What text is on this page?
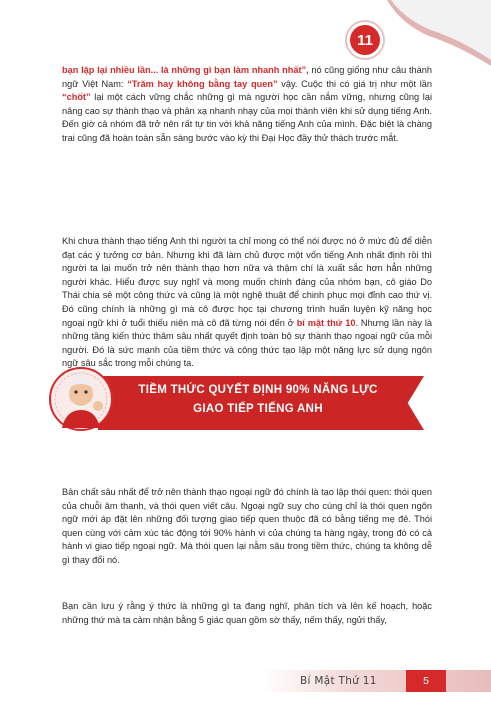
11

bạn lặp lại nhiều lần... là những gì bạn làm nhanh nhất”, nó cũng giống như câu thành ngữ Việt Nam: “Trăm hay không bằng tay quen” vậy. Cuộc thi có giá trị như một lần “chốt” lại một cách vững chắc những gì mà người học cần nắm vững, nhưng cũng lại nâng cao sự thành thạo và phản xạ nhanh nhạy của mọi thành viên khi sử dụng tiếng Anh. Đến giờ cả nhóm đã trở nên rất tự tin với khả năng tiếng Anh của mình. Đặc biệt là chàng trai cũng đã hoàn toàn sẵn sàng bước vào kỳ thi Đại Học đầy thử thách trước mắt.

Khi chưa thành thạo tiếng Anh thì người ta chỉ mong có thể nói được nó ở mức đủ để diễn đạt các ý tưởng cơ bản. Nhưng khi đã làm chủ được một vốn tiếng Anh nhất định rồi thì người ta lại muốn trở nên thành thạo hơn nữa và thậm chí là xuất sắc hơn hẳn những người khác. Hiểu được suy nghĩ và mong muốn chính đáng của nhóm bạn, cô giáo Do Thái chia sẻ một công thức và cũng là một nghệ thuật để chinh phục mọi đỉnh cao thứ vị. Đó cũng chính là những gì mà cô được học tại chương trình huấn luyện kỹ năng học ngoại ngữ khi ở tuổi thiếu niên mà cô đã từng nói đến ở bí mật thứ 10. Nhưng lần này là những tầng kiến thức thâm sâu nhất quyết định toàn bộ sự thành thạo ngoại ngữ của mỗi người. Đó là sức mạnh của tiềm thức và công thức tạo lập một năng lực sử dụng ngôn ngữ sâu sắc trong mỗi chúng ta.

TIỀM THỨC QUYẾT ĐỊNH 90% NĂNG LỰC
GIAO TIẾP TIẾNG ANH
Bản chất sâu nhất để trở nên thành thạo ngoại ngữ đó chính là tạo lập thói quen: thói quen của chuỗi âm thanh, và thói quen viết câu. Ngoại ngữ suy cho cùng chỉ là thói quen ngôn ngữ mới áp đặt lên những đối tượng giao tiếp quen thuộc đã có bằng tiếng mẹ đẻ. Thói quen cùng với cảm xúc tác động tới 90% hành vi của chúng ta hàng ngày, trong đó có cả hành vi giao tiếp ngoại ngữ. Mà thói quen lại nằm sâu trong tiềm thức, chúng ta không dễ gì thay đổi nó.
Bạn cần lưu ý rằng ý thức là những gì ta đang nghĩ, phân tích và lên kế hoạch, hoặc những thứ mà ta cảm nhận bằng 5 giác quan gồm sờ thấy, nếm thấy, ngửi thấy,
Bí Mật Thứ 11	5
